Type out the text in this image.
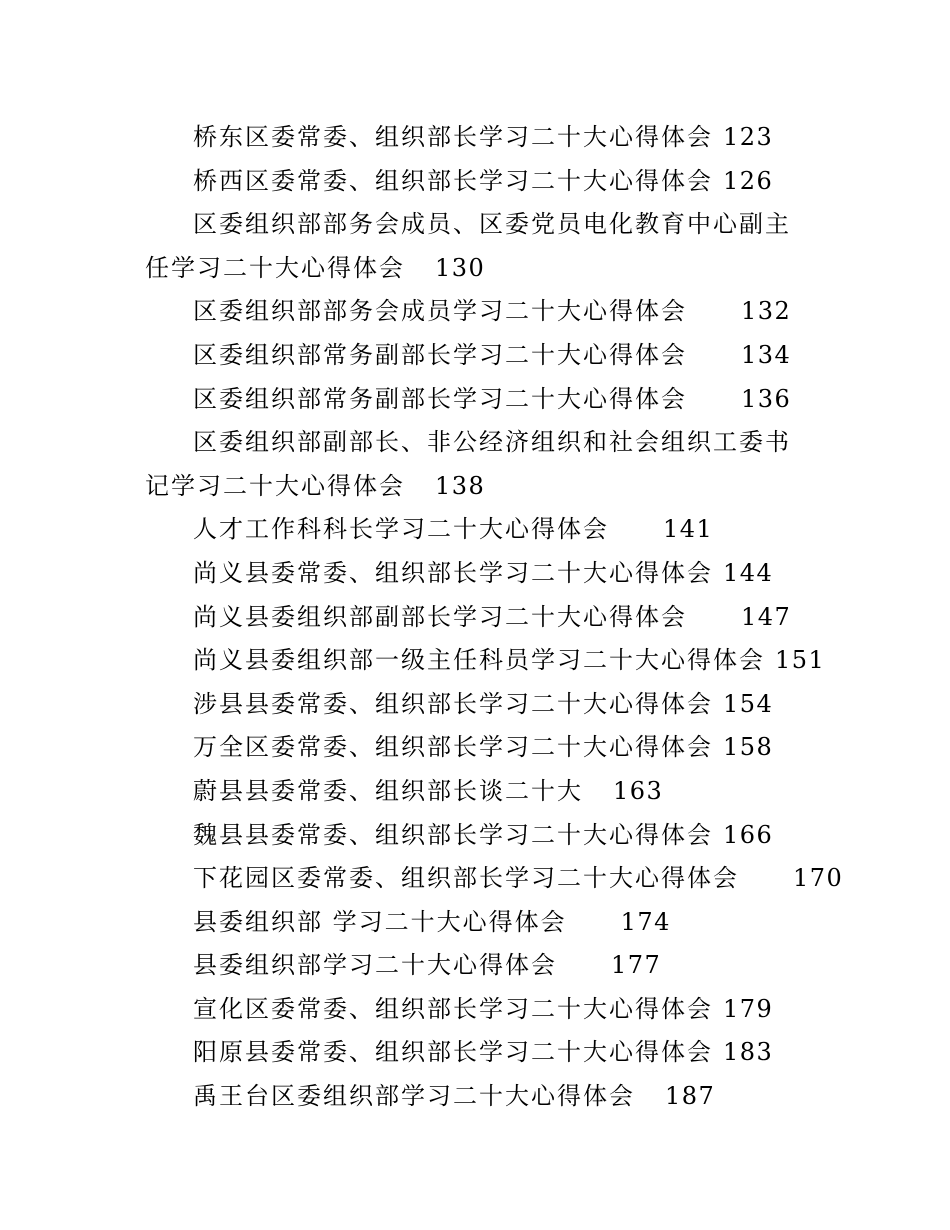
桥东区委常委、组织部长学习二十大心得体会 123
桥西区委常委、组织部长学习二十大心得体会 126
区委组织部部务会成员、区委党员电化教育中心副主任学习二十大心得体会 130
区委组织部部务会成员学习二十大心得体会 132
区委组织部常务副部长学习二十大心得体会 134
区委组织部常务副部长学习二十大心得体会 136
区委组织部副部长、非公经济组织和社会组织工委书记学习二十大心得体会 138
人才工作科科长学习二十大心得体会 141
尚义县委常委、组织部长学习二十大心得体会 144
尚义县委组织部副部长学习二十大心得体会 147
尚义县委组织部一级主任科员学习二十大心得体会 151
涉县县委常委、组织部长学习二十大心得体会 154
万全区委常委、组织部长学习二十大心得体会 158
蔚县县委常委、组织部长谈二十大 163
魏县县委常委、组织部长学习二十大心得体会 166
下花园区委常委、组织部长学习二十大心得体会 170
县委组织部 学习二十大心得体会 174
县委组织部学习二十大心得体会 177
宣化区委常委、组织部长学习二十大心得体会 179
阳原县委常委、组织部长学习二十大心得体会 183
禹王台区委组织部学习二十大心得体会 187
